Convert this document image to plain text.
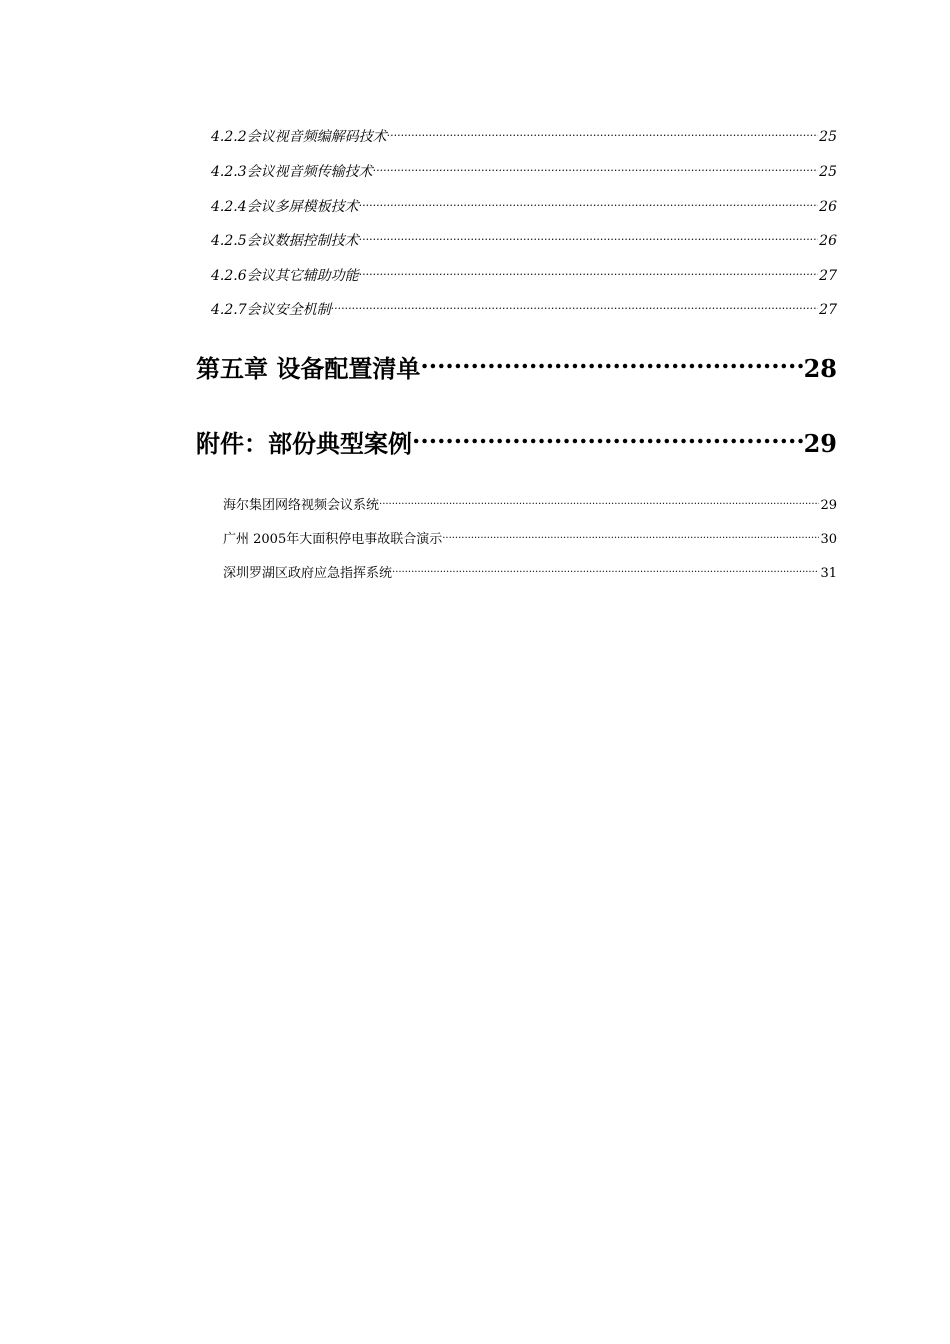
4.2.2会议视音频编解码技术 .....	25
4.2.3会议视音频传输技术 .....	25
4.2.4会议多屏模板技术 .....	26
4.2.5会议数据控制技术 .....	26
4.2.6会议其它辅助功能 .....	27
4.2.7会议安全机制 .....	27
第五章 设备配置清单 .....	28
附件：部份典型案例 .....	29
海尔集团网络视频会议系统 .....	29
广州 2005年大面积停电事故联合演示 .....	30
深圳罗湖区政府应急指挥系统 .....	31
